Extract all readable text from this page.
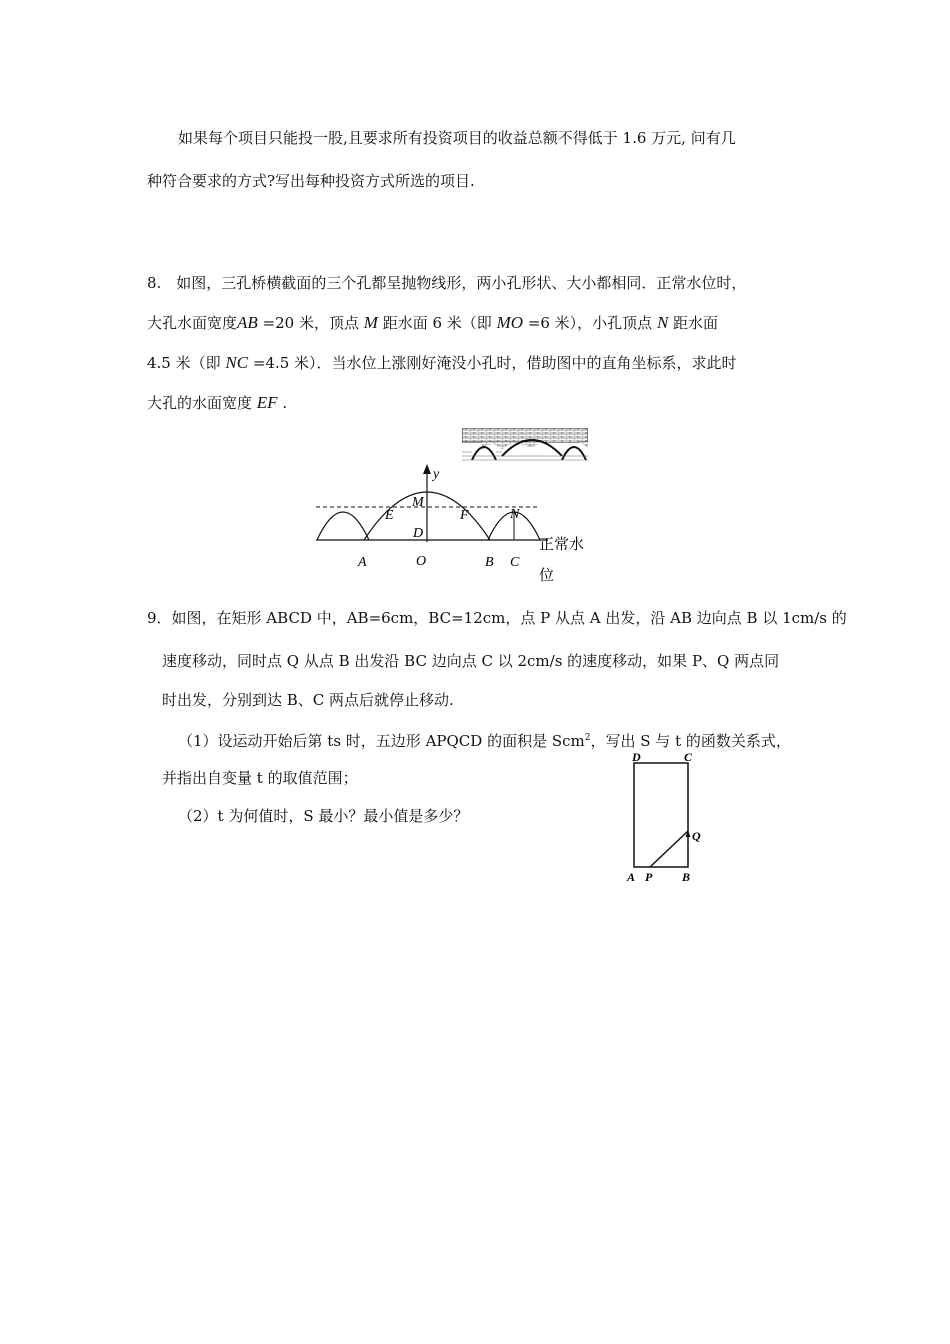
如果每个项目只能投一股,且要求所有投资项目的收益总额不得低于 1.6 万元, 问有几
种符合要求的方式?写出每种投资方式所选的项目.
8.　如图，三孔桥横截面的三个孔都呈抛物线形，两小孔形状、大小都相同．正常水位时，
大孔水面宽度AB =20 米，顶点 M 距水面 6 米（即 MO =6 米），小孔顶点 N 距水面
4.5 米（即 NC =4.5 米）．当水位上涨刚好淹没小孔时，借助图中的直角坐标系，求此时
大孔的水面宽度 EF .
y
M
E	F	N
D
A	O	B C
正常水
位
9．如图，在矩形 ABCD 中，AB=6cm，BC=12cm，点 P 从点 A 出发，沿 AB 边向点 B 以 1cm/s 的
速度移动，同时点 Q 从点 B 出发沿 BC 边向点 C 以 2cm/s 的速度移动，如果 P、Q 两点同
时出发，分别到达 B、C 两点后就停止移动.
（1）设运动开始后第 ts 时，五边形 APQCD 的面积是 Scm$^2$，写出 S 与 t 的函数关系式，
并指出自变量 t 的取值范围；
（2）t 为何值时，S 最小？最小值是多少？
D	C
Q
A P B
